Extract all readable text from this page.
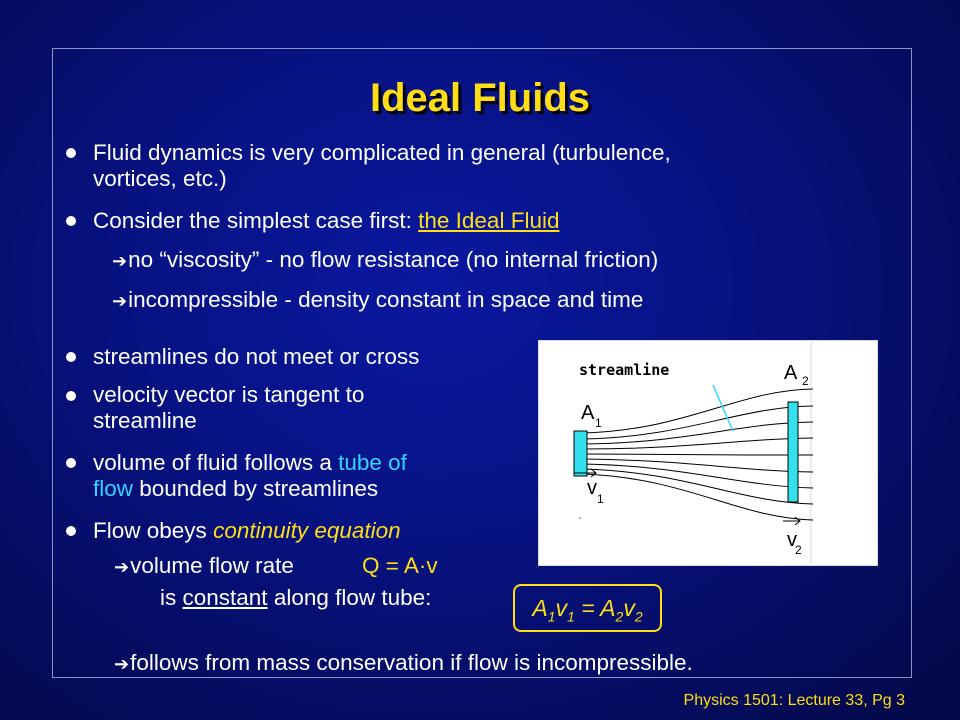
Ideal Fluids
Fluid dynamics is very complicated in general (turbulence,
vortices, etc.)
Consider the simplest case first: the Ideal Fluid
➔no “viscosity” - no flow resistance (no internal friction)
➔incompressible - density constant in space and time
streamlines do not meet or cross
velocity vector is tangent to
streamline
volume of fluid follows a tube of
flow bounded by streamlines
Flow obeys continuity equation
➔volume flow rate	Q = A·v
is constant along flow tube:
➔follows from mass conservation if flow is incompressible.
streamline	A 2
A 1
v 1
v
2
$A_1v_1 = A_2v_2$
Physics 1501: Lecture 33, Pg 3
